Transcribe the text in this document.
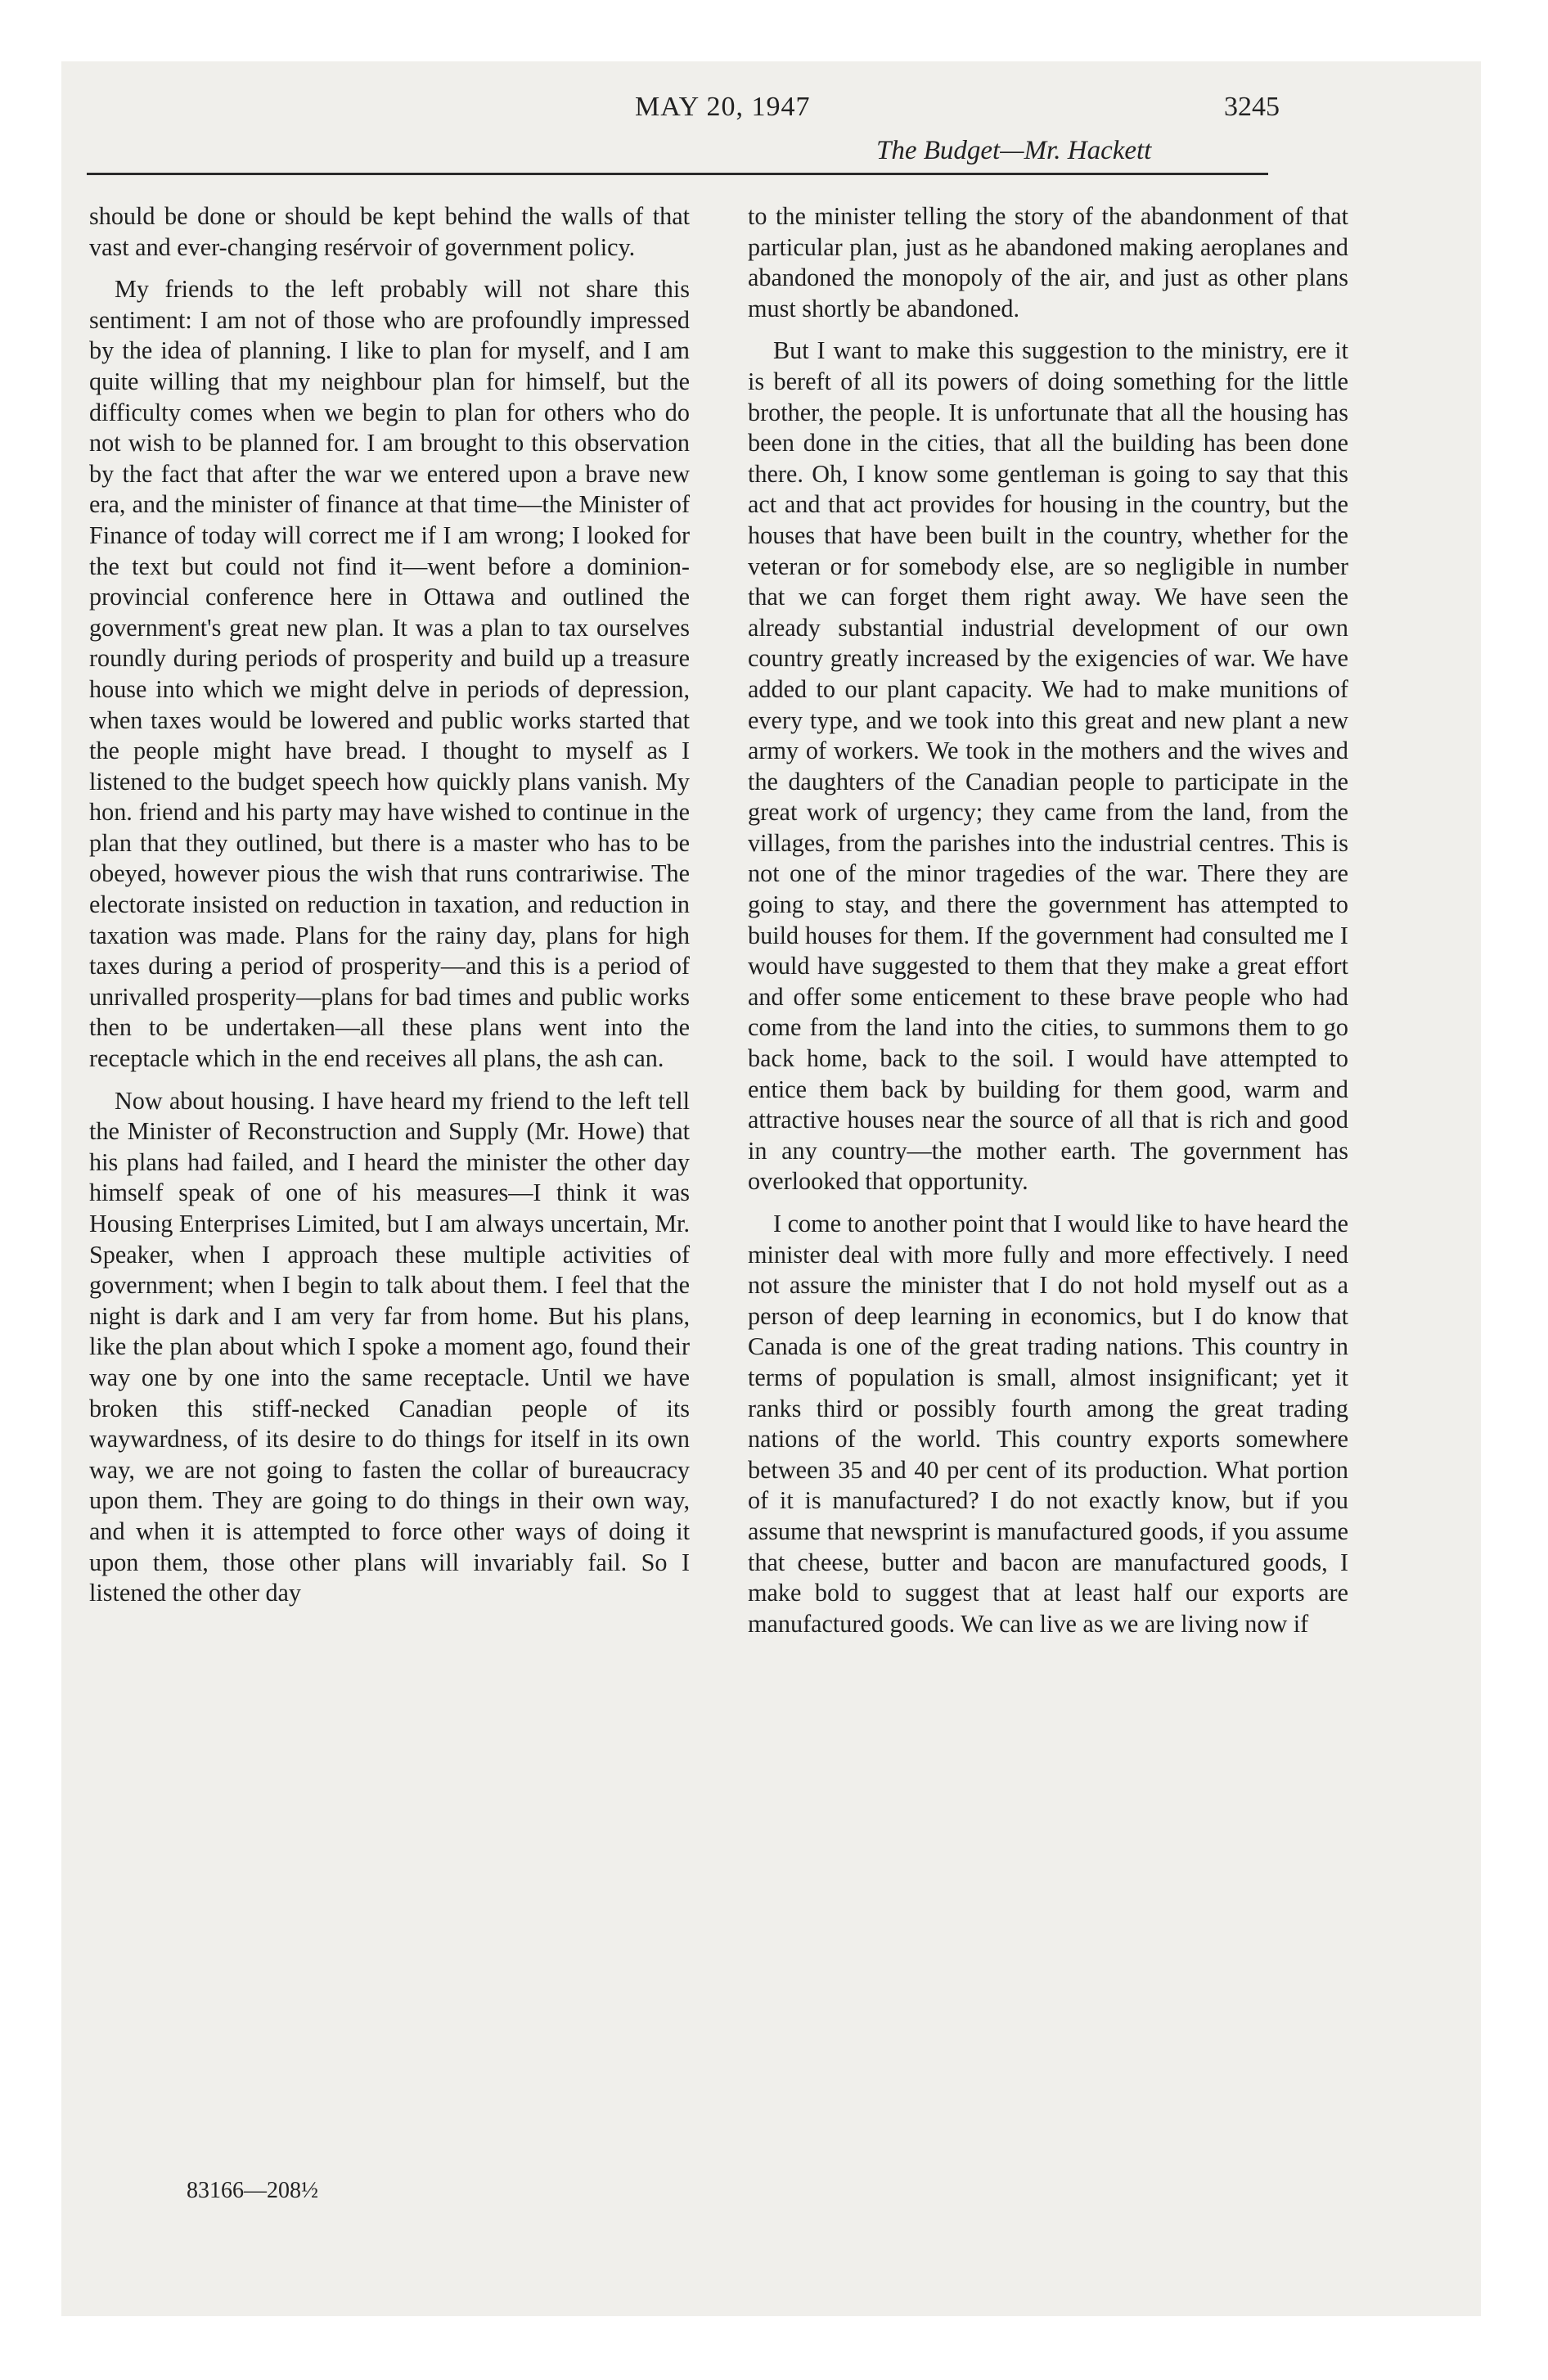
MAY 20, 1947	3245
The Budget—Mr. Hackett

should be done or should be kept behind the walls of that vast and ever-changing resérvoir of government policy.

My friends to the left probably will not share this sentiment: I am not of those who are profoundly impressed by the idea of planning. I like to plan for myself, and I am quite willing that my neighbour plan for himself, but the difficulty comes when we begin to plan for others who do not wish to be planned for. I am brought to this observation by the fact that after the war we entered upon a brave new era, and the minister of finance at that time—the Minister of Finance of today will correct me if I am wrong; I looked for the text but could not find it—went before a dominion-provincial conference here in Ottawa and outlined the government's great new plan. It was a plan to tax ourselves roundly during periods of prosperity and build up a treasure house into which we might delve in periods of depression, when taxes would be lowered and public works started that the people might have bread. I thought to myself as I listened to the budget speech how quickly plans vanish. My hon. friend and his party may have wished to continue in the plan that they outlined, but there is a master who has to be obeyed, however pious the wish that runs contrariwise. The electorate insisted on reduction in taxation, and reduction in taxation was made. Plans for the rainy day, plans for high taxes during a period of prosperity—and this is a period of unrivalled prosperity—plans for bad times and public works then to be undertaken—all these plans went into the receptacle which in the end receives all plans, the ash can.

Now about housing. I have heard my friend to the left tell the Minister of Reconstruction and Supply (Mr. Howe) that his plans had failed, and I heard the minister the other day himself speak of one of his measures—I think it was Housing Enterprises Limited, but I am always uncertain, Mr. Speaker, when I approach these multiple activities of government; when I begin to talk about them. I feel that the night is dark and I am very far from home. But his plans, like the plan about which I spoke a moment ago, found their way one by one into the same receptacle. Until we have broken this stiff-necked Canadian people of its waywardness, of its desire to do things for itself in its own way, we are not going to fasten the collar of bureaucracy upon them. They are going to do things in their own way, and when it is attempted to force other ways of doing it upon them, those other plans will invariably fail. So I listened the other day

to the minister telling the story of the abandonment of that particular plan, just as he abandoned making aeroplanes and abandoned the monopoly of the air, and just as other plans must shortly be abandoned.

But I want to make this suggestion to the ministry, ere it is bereft of all its powers of doing something for the little brother, the people. It is unfortunate that all the housing has been done in the cities, that all the building has been done there. Oh, I know some gentleman is going to say that this act and that act provides for housing in the country, but the houses that have been built in the country, whether for the veteran or for somebody else, are so negligible in number that we can forget them right away. We have seen the already substantial industrial development of our own country greatly increased by the exigencies of war. We have added to our plant capacity. We had to make munitions of every type, and we took into this great and new plant a new army of workers. We took in the mothers and the wives and the daughters of the Canadian people to participate in the great work of urgency; they came from the land, from the villages, from the parishes into the industrial centres. This is not one of the minor tragedies of the war. There they are going to stay, and there the government has attempted to build houses for them. If the government had consulted me I would have suggested to them that they make a great effort and offer some enticement to these brave people who had come from the land into the cities, to summons them to go back home, back to the soil. I would have attempted to entice them back by building for them good, warm and attractive houses near the source of all that is rich and good in any country—the mother earth. The government has overlooked that opportunity.

I come to another point that I would like to have heard the minister deal with more fully and more effectively. I need not assure the minister that I do not hold myself out as a person of deep learning in economics, but I do know that Canada is one of the great trading nations. This country in terms of population is small, almost insignificant; yet it ranks third or possibly fourth among the great trading nations of the world. This country exports somewhere between 35 and 40 per cent of its production. What portion of it is manufactured? I do not exactly know, but if you assume that newsprint is manufactured goods, if you assume that cheese, butter and bacon are manufactured goods, I make bold to suggest that at least half our exports are manufactured goods. We can live as we are living now if

83166—208½
